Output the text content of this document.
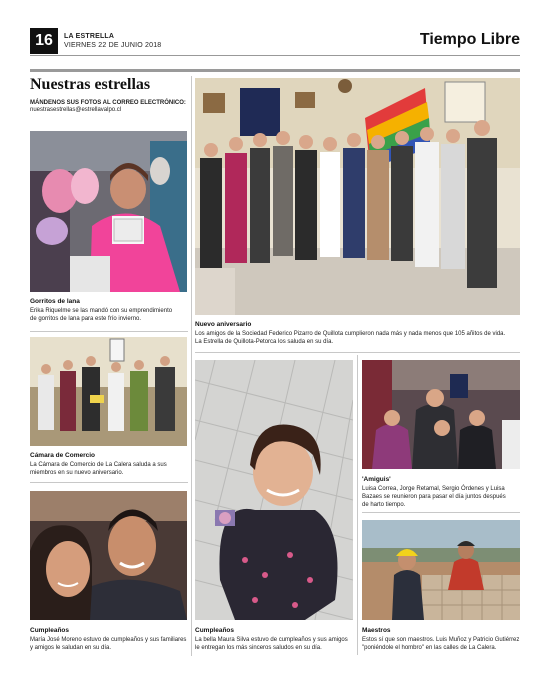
16	LA ESTRELLA
VIERNES 22 DE JUNIO 2018	Tiempo Libre
Nuestras estrellas
MÁNDENOS SUS FOTOS AL CORREO ELECTRÓNICO:
nuestrasestrellas@estrellavalpo.cl
Gorritos de lana
Erika Riquelme se las mandó con su emprendimiento
de gorritos de lana para este frío invierno.
Nuevo aniversario
Los amigos de la Sociedad Federico Pizarro de Quillota cumplieron nada más y nada menos que 105 añitos de vida.
La Estrella de Quillota-Petorca los saluda en su día.
Cámara de Comercio
La Cámara de Comercio de La Calera saluda a sus
miembros en su nuevo aniversario.
Cumpleaños
María José Moreno estuvo de cumpleaños y sus familiares
y amigos le saludan en su día.
Cumpleaños
La bella Maura Silva estuvo de cumpleaños y sus amigos
le entregan los más sinceros saludos en su día.
'Amiguis'
Luisa Correa, Jorge Retamal, Sergio Órdenes y Luisa
Bazaes se reunieron para pasar el día juntos después
de harto tiempo.
Maestros
Estos sí que son maestros. Luis Muñoz y Patricio Gutiérrez
"poniéndole el hombro" en las calles de La Calera.
